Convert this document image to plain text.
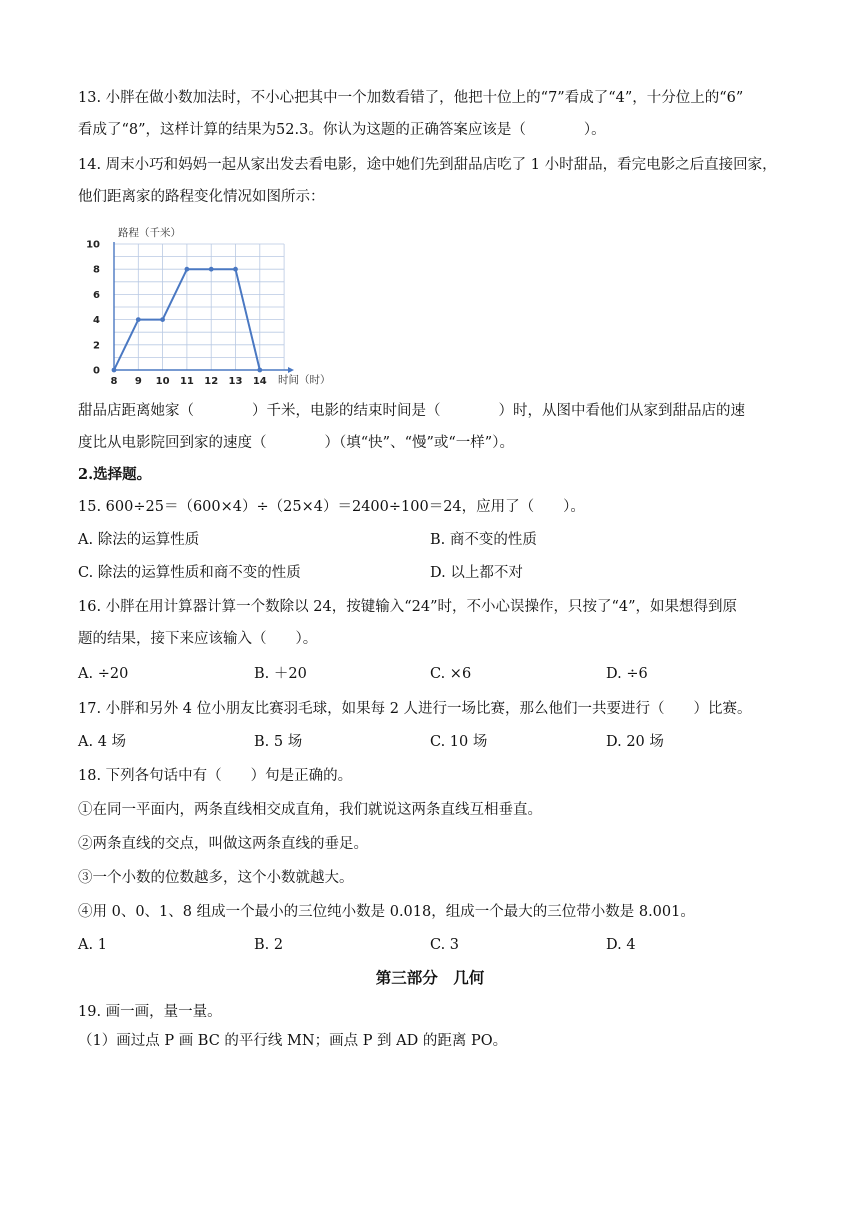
13. 小胖在做小数加法时，不小心把其中一个加数看错了，他把十位上的“7”看成了“4”，十分位上的“6”
看成了“8”，这样计算的结果为52.3。你认为这题的正确答案应该是（　　　　）。
14. 周末小巧和妈妈一起从家出发去看电影，途中她们先到甜品店吃了 1 小时甜品，看完电影之后直接回家，
他们距离家的路程变化情况如图所示：
路程（千米）
时间（时）
8 9 10 11 12 13 14
0
2
4
6
8
10
甜品店距离她家（　　　　）千米，电影的结束时间是（　　　　）时，从图中看他们从家到甜品店的速
度比从电影院回到家的速度（　　　　）（填“快”、“慢”或“一样”）。
2.选择题。
15. 600÷25＝（600×4）÷（25×4）＝2400÷100＝24，应用了（　　）。
A. 除法的运算性质	B. 商不变的性质
C. 除法的运算性质和商不变的性质	D. 以上都不对
16. 小胖在用计算器计算一个数除以 24，按键输入“24”时，不小心误操作，只按了“4”，如果想得到原
题的结果，接下来应该输入（　　）。
A. ÷20	B. ＋20	C. ×6	D. ÷6
17. 小胖和另外 4 位小朋友比赛羽毛球，如果每 2 人进行一场比赛，那么他们一共要进行（　　）比赛。
A. 4 场	B. 5 场	C. 10 场	D. 20 场
18. 下列各句话中有（　　）句是正确的。
①在同一平面内，两条直线相交成直角，我们就说这两条直线互相垂直。
②两条直线的交点，叫做这两条直线的垂足。
③一个小数的位数越多，这个小数就越大。
④用 0、0、1、8 组成一个最小的三位纯小数是 0.018，组成一个最大的三位带小数是 8.001。
A. 1	B. 2	C. 3	D. 4
第三部分　几何
19. 画一画，量一量。
（1）画过点 P 画 BC 的平行线 MN；画点 P 到 AD 的距离 PO。
